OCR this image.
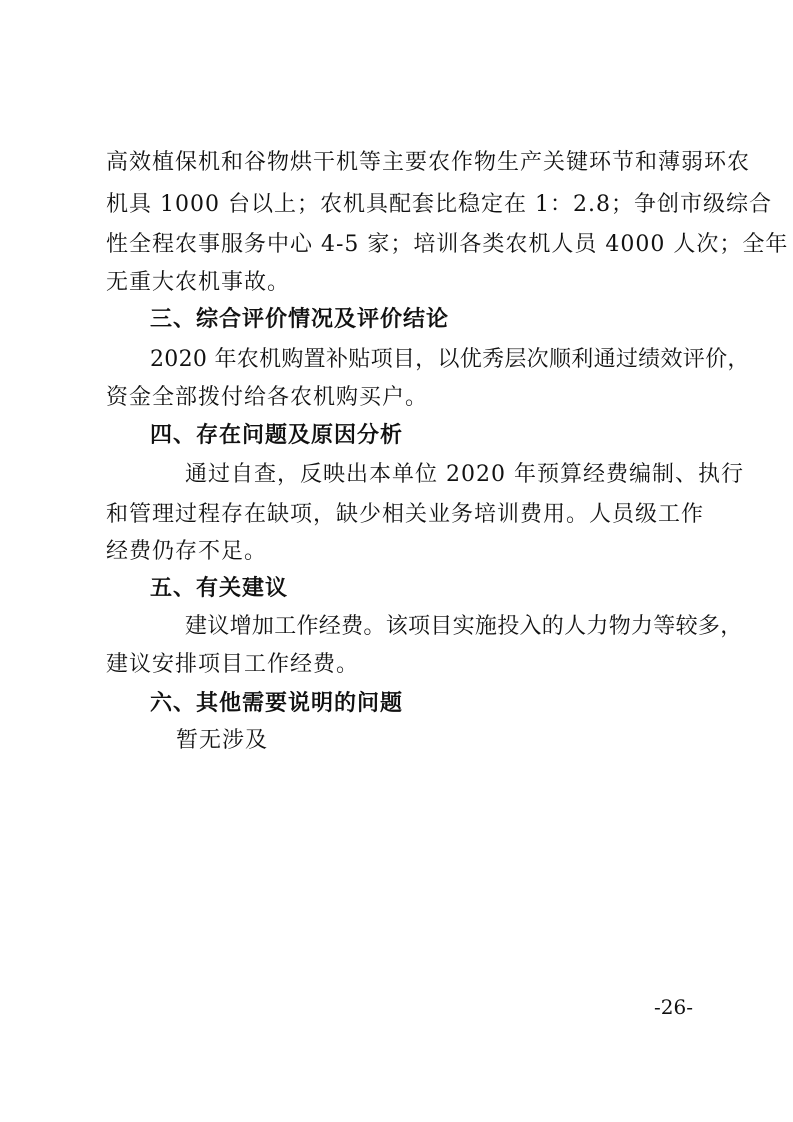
高效植保机和谷物烘干机等主要农作物生产关键环节和薄弱环农
机具 1000 台以上；农机具配套比稳定在 1：2.8；争创市级综合
性全程农事服务中心 4-5 家；培训各类农机人员 4000 人次；全年
无重大农机事故。
三、综合评价情况及评价结论
2020 年农机购置补贴项目，以优秀层次顺利通过绩效评价，
资金全部拨付给各农机购买户。
四、存在问题及原因分析
通过自查，反映出本单位 2020 年预算经费编制、执行
和管理过程存在缺项，缺少相关业务培训费用。人员级工作
经费仍存不足。
五、有关建议
建议增加工作经费。该项目实施投入的人力物力等较多，
建议安排项目工作经费。
六、其他需要说明的问题
暂无涉及
-26-
